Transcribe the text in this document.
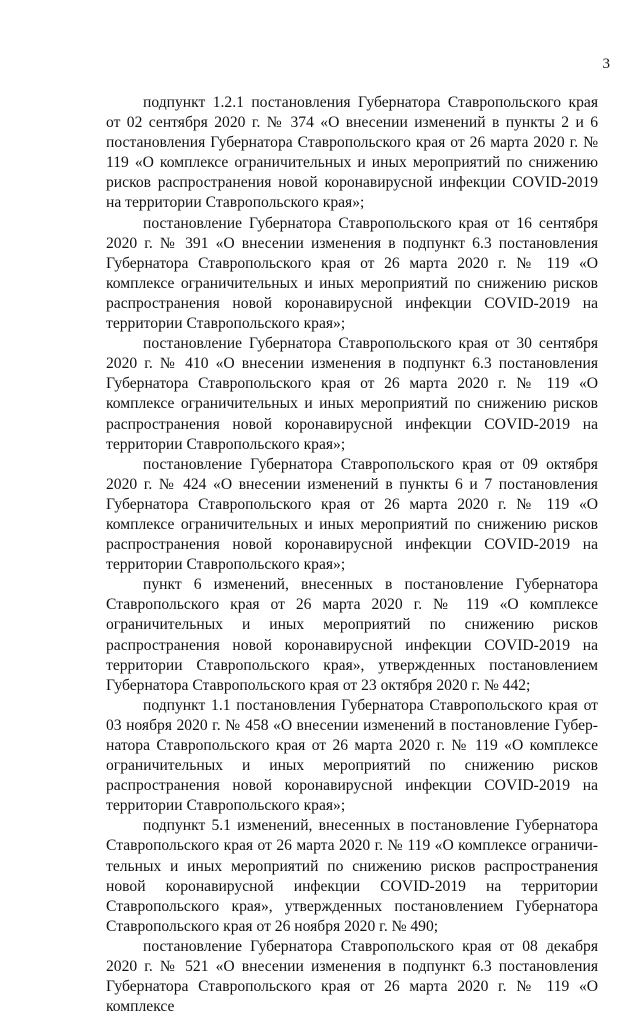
3

подпункт 1.2.1 постановления Губернатора Ставропольского края от 02 сентября 2020 г. № 374 «О внесении изменений в пункты 2 и 6 постановления Губернатора Ставропольского края от 26 марта 2020 г. № 119 «О комплексе ограничительных и иных мероприятий по снижению рисков распространения новой коронавирусной инфекции COVID-2019 на территории Ставропольского края»;

постановление Губернатора Ставропольского края от 16 сентября 2020 г. № 391 «О внесении изменения в подпункт 6.3 постановления Губернатора Ставропольского края от 26 марта 2020 г. № 119 «О комплексе ограничительных и иных мероприятий по снижению рисков распространения новой коронавирусной инфекции COVID-2019 на территории Ставропольского края»;

постановление Губернатора Ставропольского края от 30 сентября 2020 г. № 410 «О внесении изменения в подпункт 6.3 постановления Губернатора Ставропольского края от 26 марта 2020 г. № 119 «О комплексе ограничительных и иных мероприятий по снижению рисков распространения новой коронавирусной инфекции COVID-2019 на территории Ставропольского края»;

постановление Губернатора Ставропольского края от 09 октября 2020 г. № 424 «О внесении изменений в пункты 6 и 7 постановления Губернатора Ставропольского края от 26 марта 2020 г. № 119 «О комплексе ограничительных и иных мероприятий по снижению рисков распространения новой коронавирусной инфекции COVID-2019 на территории Ставропольского края»;

пункт 6 изменений, внесенных в постановление Губернатора Ставропольского края от 26 марта 2020 г. № 119 «О комплексе ограничительных и иных мероприятий по снижению рисков распространения новой коронавирусной инфекции COVID-2019 на территории Ставропольского края», утвержденных постановлением Губернатора Ставропольского края от 23 октября 2020 г. № 442;

подпункт 1.1 постановления Губернатора Ставропольского края от 03 ноября 2020 г. № 458 «О внесении изменений в постановление Губернатора Ставропольского края от 26 марта 2020 г. № 119 «О комплексе ограничительных и иных мероприятий по снижению рисков распространения новой коронавирусной инфекции COVID-2019 на территории Ставропольского края»;

подпункт 5.1 изменений, внесенных в постановление Губернатора Ставропольского края от 26 марта 2020 г. № 119 «О комплексе ограничительных и иных мероприятий по снижению рисков распространения новой коронавирусной инфекции COVID-2019 на территории Ставропольского края», утвержденных постановлением Губернатора Ставропольского края от 26 ноября 2020 г. № 490;

постановление Губернатора Ставропольского края от 08 декабря 2020 г. № 521 «О внесении изменения в подпункт 6.3 постановления Губернатора Ставропольского края от 26 марта 2020 г. № 119 «О комплексе
